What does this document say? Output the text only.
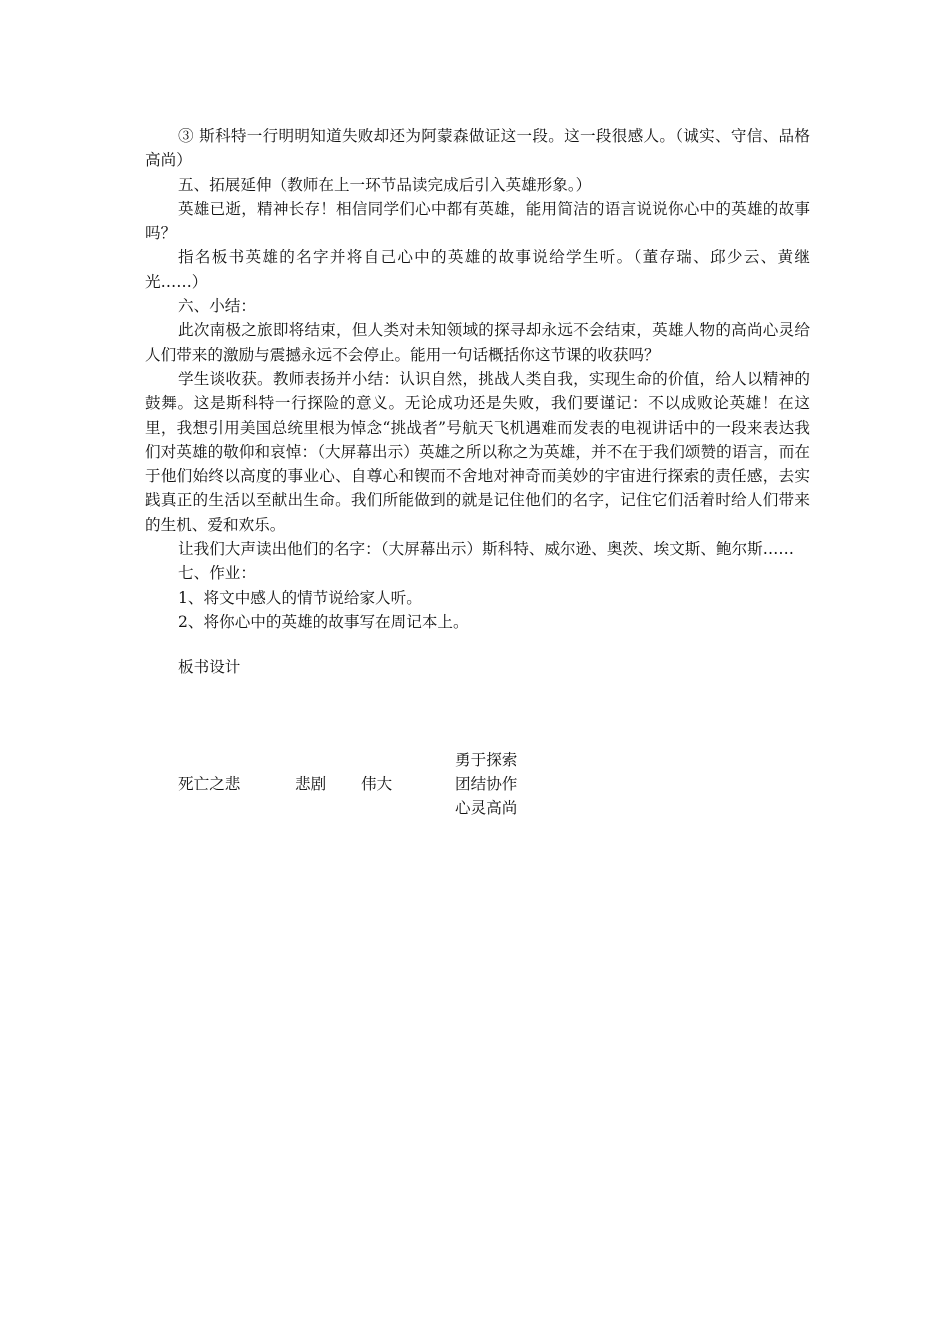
③ 斯科特一行明明知道失败却还为阿蒙森做证这一段。这一段很感人。（诚实、守信、品格高尚）

五、拓展延伸（教师在上一环节品读完成后引入英雄形象。）

英雄已逝，精神长存！相信同学们心中都有英雄，能用简洁的语言说说你心中的英雄的故事吗？

指名板书英雄的名字并将自己心中的英雄的故事说给学生听。（董存瑞、邱少云、黄继光……）

六、小结：

此次南极之旅即将结束，但人类对未知领域的探寻却永远不会结束，英雄人物的高尚心灵给人们带来的激励与震撼永远不会停止。能用一句话概括你这节课的收获吗？

学生谈收获。教师表扬并小结：认识自然，挑战人类自我，实现生命的价值，给人以精神的鼓舞。这是斯科特一行探险的意义。无论成功还是失败，我们要谨记：不以成败论英雄！在这里，我想引用美国总统里根为悼念“挑战者”号航天飞机遇难而发表的电视讲话中的一段来表达我们对英雄的敬仰和哀悼：（大屏幕出示）英雄之所以称之为英雄，并不在于我们颂赞的语言，而在于他们始终以高度的事业心、自尊心和锲而不舍地对神奇而美妙的宇宙进行探索的责任感，去实践真正的生活以至献出生命。我们所能做到的就是记住他们的名字，记住它们活着时给人们带来的生机、爱和欢乐。

让我们大声读出他们的名字：（大屏幕出示）斯科特、威尔逊、奥茨、埃文斯、鲍尔斯……

七、作业：

1、将文中感人的情节说给家人听。

2、将你心中的英雄的故事写在周记本上。

板书设计

死亡之悲	悲剧 伟大
勇于探索
团结协作
心灵高尚
